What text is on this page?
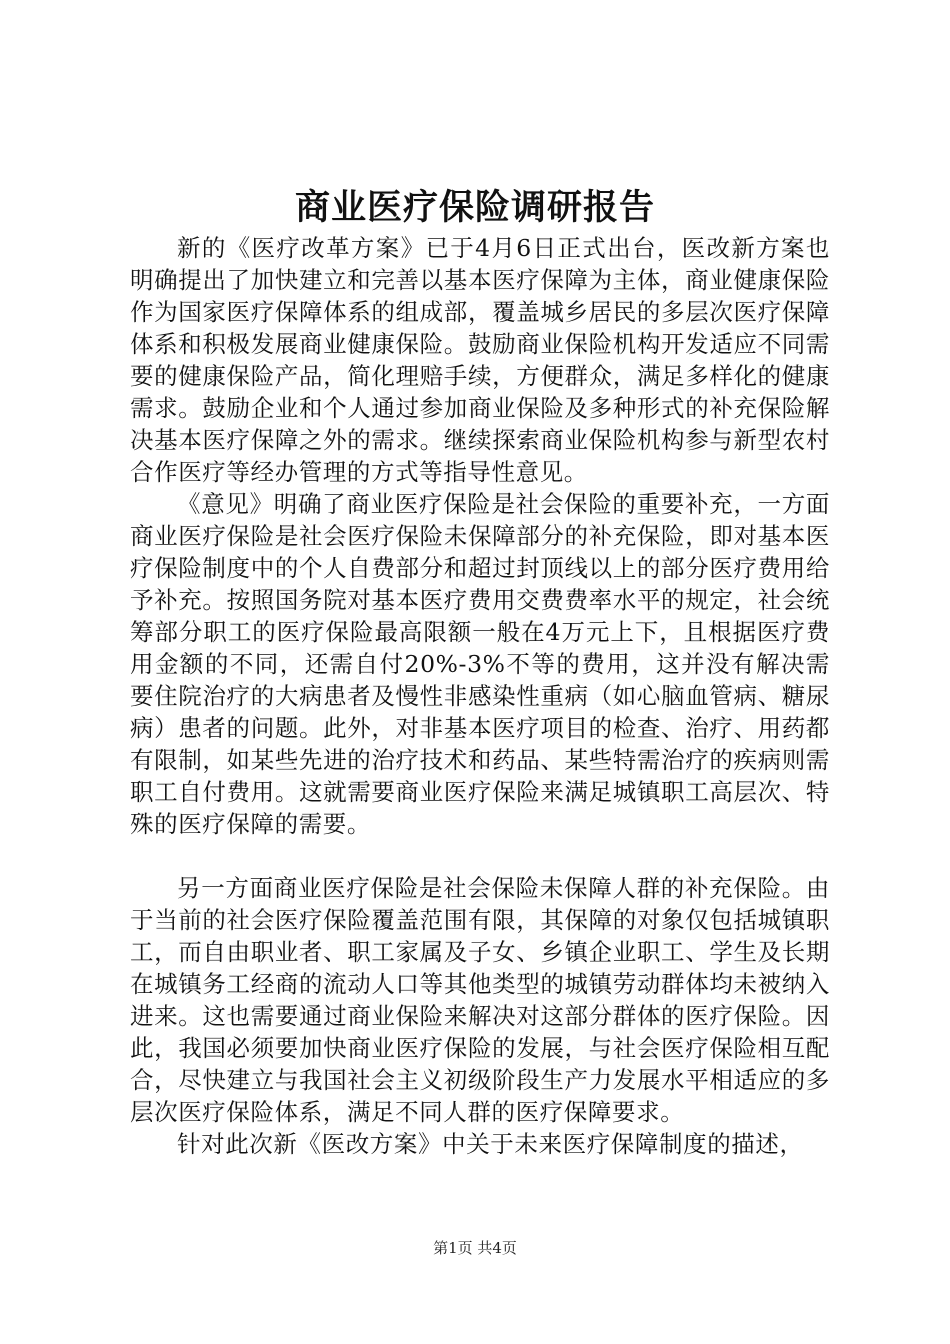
商业医疗保险调研报告

新的《医疗改革方案》已于4月6日正式出台，医改新方案也明确提出了加快建立和完善以基本医疗保障为主体，商业健康保险作为国家医疗保障体系的组成部，覆盖城乡居民的多层次医疗保障体系和积极发展商业健康保险。鼓励商业保险机构开发适应不同需要的健康保险产品，简化理赔手续，方便群众，满足多样化的健康需求。鼓励企业和个人通过参加商业保险及多种形式的补充保险解决基本医疗保障之外的需求。继续探索商业保险机构参与新型农村合作医疗等经办管理的方式等指导性意见。

《意见》明确了商业医疗保险是社会保险的重要补充，一方面商业医疗保险是社会医疗保险未保障部分的补充保险，即对基本医疗保险制度中的个人自费部分和超过封顶线以上的部分医疗费用给予补充。按照国务院对基本医疗费用交费费率水平的规定，社会统筹部分职工的医疗保险最高限额一般在4万元上下，且根据医疗费用金额的不同，还需自付20%-3%不等的费用，这并没有解决需要住院治疗的大病患者及慢性非感染性重病（如心脑血管病、糖尿病）患者的问题。此外，对非基本医疗项目的检查、治疗、用药都有限制，如某些先进的治疗技术和药品、某些特需治疗的疾病则需职工自付费用。这就需要商业医疗保险来满足城镇职工高层次、特殊的医疗保障的需要。

另一方面商业医疗保险是社会保险未保障人群的补充保险。由于当前的社会医疗保险覆盖范围有限，其保障的对象仅包括城镇职工，而自由职业者、职工家属及子女、乡镇企业职工、学生及长期在城镇务工经商的流动人口等其他类型的城镇劳动群体均未被纳入进来。这也需要通过商业保险来解决对这部分群体的医疗保险。因此，我国必须要加快商业医疗保险的发展，与社会医疗保险相互配合，尽快建立与我国社会主义初级阶段生产力发展水平相适应的多层次医疗保险体系，满足不同人群的医疗保障要求。

针对此次新《医改方案》中关于未来医疗保障制度的描述，

第1页 共4页
